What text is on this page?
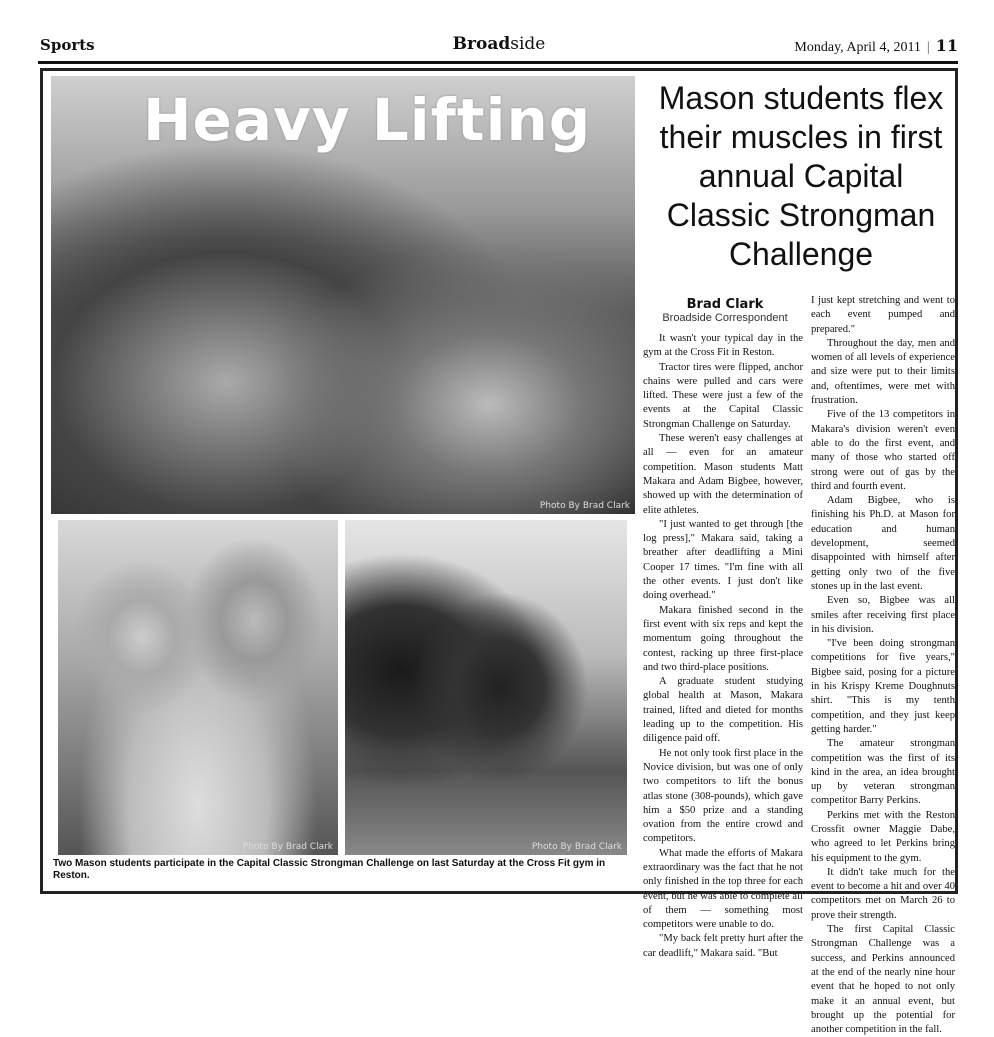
Sports	Broadside	Monday, April 4, 2011 | 11
Heavy Lifting
Photo By Brad Clark
Photo By Brad Clark	Photo By Brad Clark
Two Mason students participate in the Capital Classic Strongman Challenge on last Saturday at the Cross Fit gym in Reston.
Mason students flex their muscles in first annual Capital Classic Strongman Challenge
Brad Clark
Broadside Correspondent

It wasn't your typical day in the gym at the Cross Fit in Reston.

Tractor tires were flipped, anchor chains were pulled and cars were lifted. These were just a few of the events at the Capital Classic Strongman Challenge on Saturday.

These weren't easy challenges at all — even for an amateur competition. Mason students Matt Makara and Adam Bigbee, however, showed up with the determination of elite athletes.

"I just wanted to get through [the log press]," Makara said, taking a breather after deadlifting a Mini Cooper 17 times. "I'm fine with all the other events. I just don't like doing overhead."

Makara finished second in the first event with six reps and kept the momentum going throughout the contest, racking up three first-place and two third-place positions.

A graduate student studying global health at Mason, Makara trained, lifted and dieted for months leading up to the competition. His diligence paid off.

He not only took first place in the Novice division, but was one of only two competitors to lift the bonus atlas stone (308-pounds), which gave him a $50 prize and a standing ovation from the entire crowd and competitors.

What made the efforts of Makara extraordinary was the fact that he not only finished in the top three for each event, but he was able to complete all of them — something most competitors were unable to do.

"My back felt pretty hurt after the car deadlift," Makara said. "But

I just kept stretching and went to each event pumped and prepared."

Throughout the day, men and women of all levels of experience and size were put to their limits and, oftentimes, were met with frustration.

Five of the 13 competitors in Makara's division weren't even able to do the first event, and many of those who started off strong were out of gas by the third and fourth event.

Adam Bigbee, who is finishing his Ph.D. at Mason for education and human development, seemed disappointed with himself after getting only two of the five stones up in the last event.

Even so, Bigbee was all smiles after receiving first place in his division.

"I've been doing strongman competitions for five years," Bigbee said, posing for a picture in his Krispy Kreme Doughnuts shirt. "This is my tenth competition, and they just keep getting harder."

The amateur strongman competition was the first of its kind in the area, an idea brought up by veteran strongman competitor Barry Perkins.

Perkins met with the Reston Crossfit owner Maggie Dabe, who agreed to let Perkins bring his equipment to the gym.

It didn't take much for the event to become a hit and over 40 competitors met on March 26 to prove their strength.

The first Capital Classic Strongman Challenge was a success, and Perkins announced at the end of the nearly nine hour event that he hoped to not only make it an annual event, but brought up the potential for another competition in the fall.
